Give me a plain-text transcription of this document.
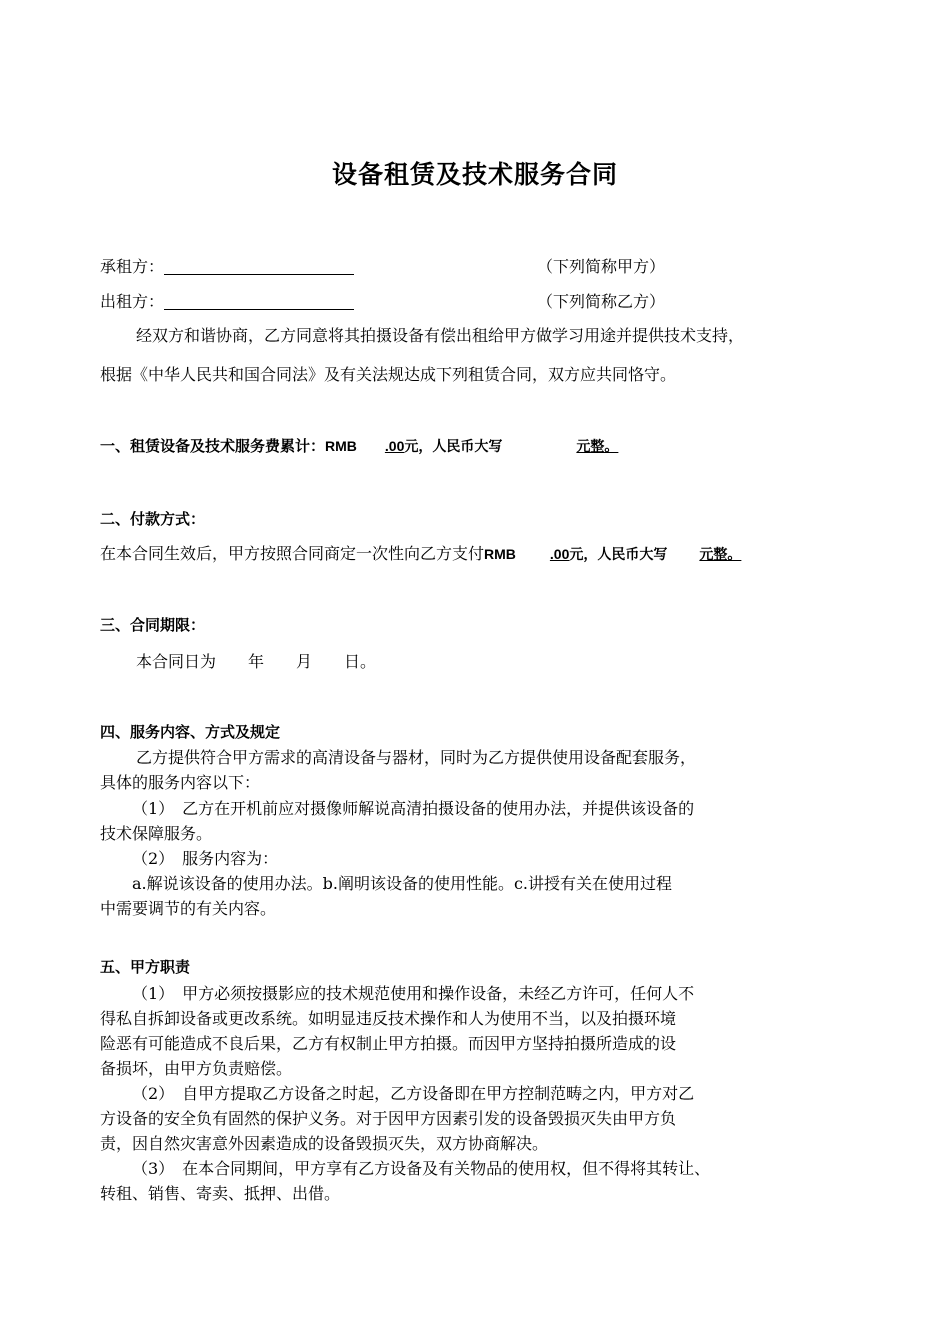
设备租赁及技术服务合同
承租方：	（下列简称甲方）
出租方：	（下列简称乙方）
经双方和谐协商，乙方同意将其拍摄设备有偿出租给甲方做学习用途并提供技术支持，
根据《中华人民共和国合同法》及有关法规达成下列租赁合同，双方应共同恪守。
一、租赁设备及技术服务费累计：RMB .00元，人民币大写	元整。
二、付款方式：
在本合同生效后，甲方按照合同商定一次性向乙方支付RMB .00元，人民币大写 元整。
三、合同期限：
本合同日为　　年　　月　　日。
四、服务内容、方式及规定
乙方提供符合甲方需求的高清设备与器材，同时为乙方提供使用设备配套服务，
具体的服务内容以下：
（1）　乙方在开机前应对摄像师解说高清拍摄设备的使用办法，并提供该设备的
技术保障服务。
（2）　服务内容为：
a.解说该设备的使用办法。b.阐明该设备的使用性能。c.讲授有关在使用过程
中需要调节的有关内容。
五、甲方职责
（1）　甲方必须按摄影应的技术规范使用和操作设备，未经乙方许可，任何人不
得私自拆卸设备或更改系统。如明显违反技术操作和人为使用不当，以及拍摄环境
险恶有可能造成不良后果，乙方有权制止甲方拍摄。而因甲方坚持拍摄所造成的设
备损坏，由甲方负责赔偿。
（2）　自甲方提取乙方设备之时起，乙方设备即在甲方控制范畴之内，甲方对乙
方设备的安全负有固然的保护义务。对于因甲方因素引发的设备毁损灭失由甲方负
责，因自然灾害意外因素造成的设备毁损灭失，双方协商解决。
（3）　在本合同期间，甲方享有乙方设备及有关物品的使用权，但不得将其转让、
转租、销售、寄卖、抵押、出借。
